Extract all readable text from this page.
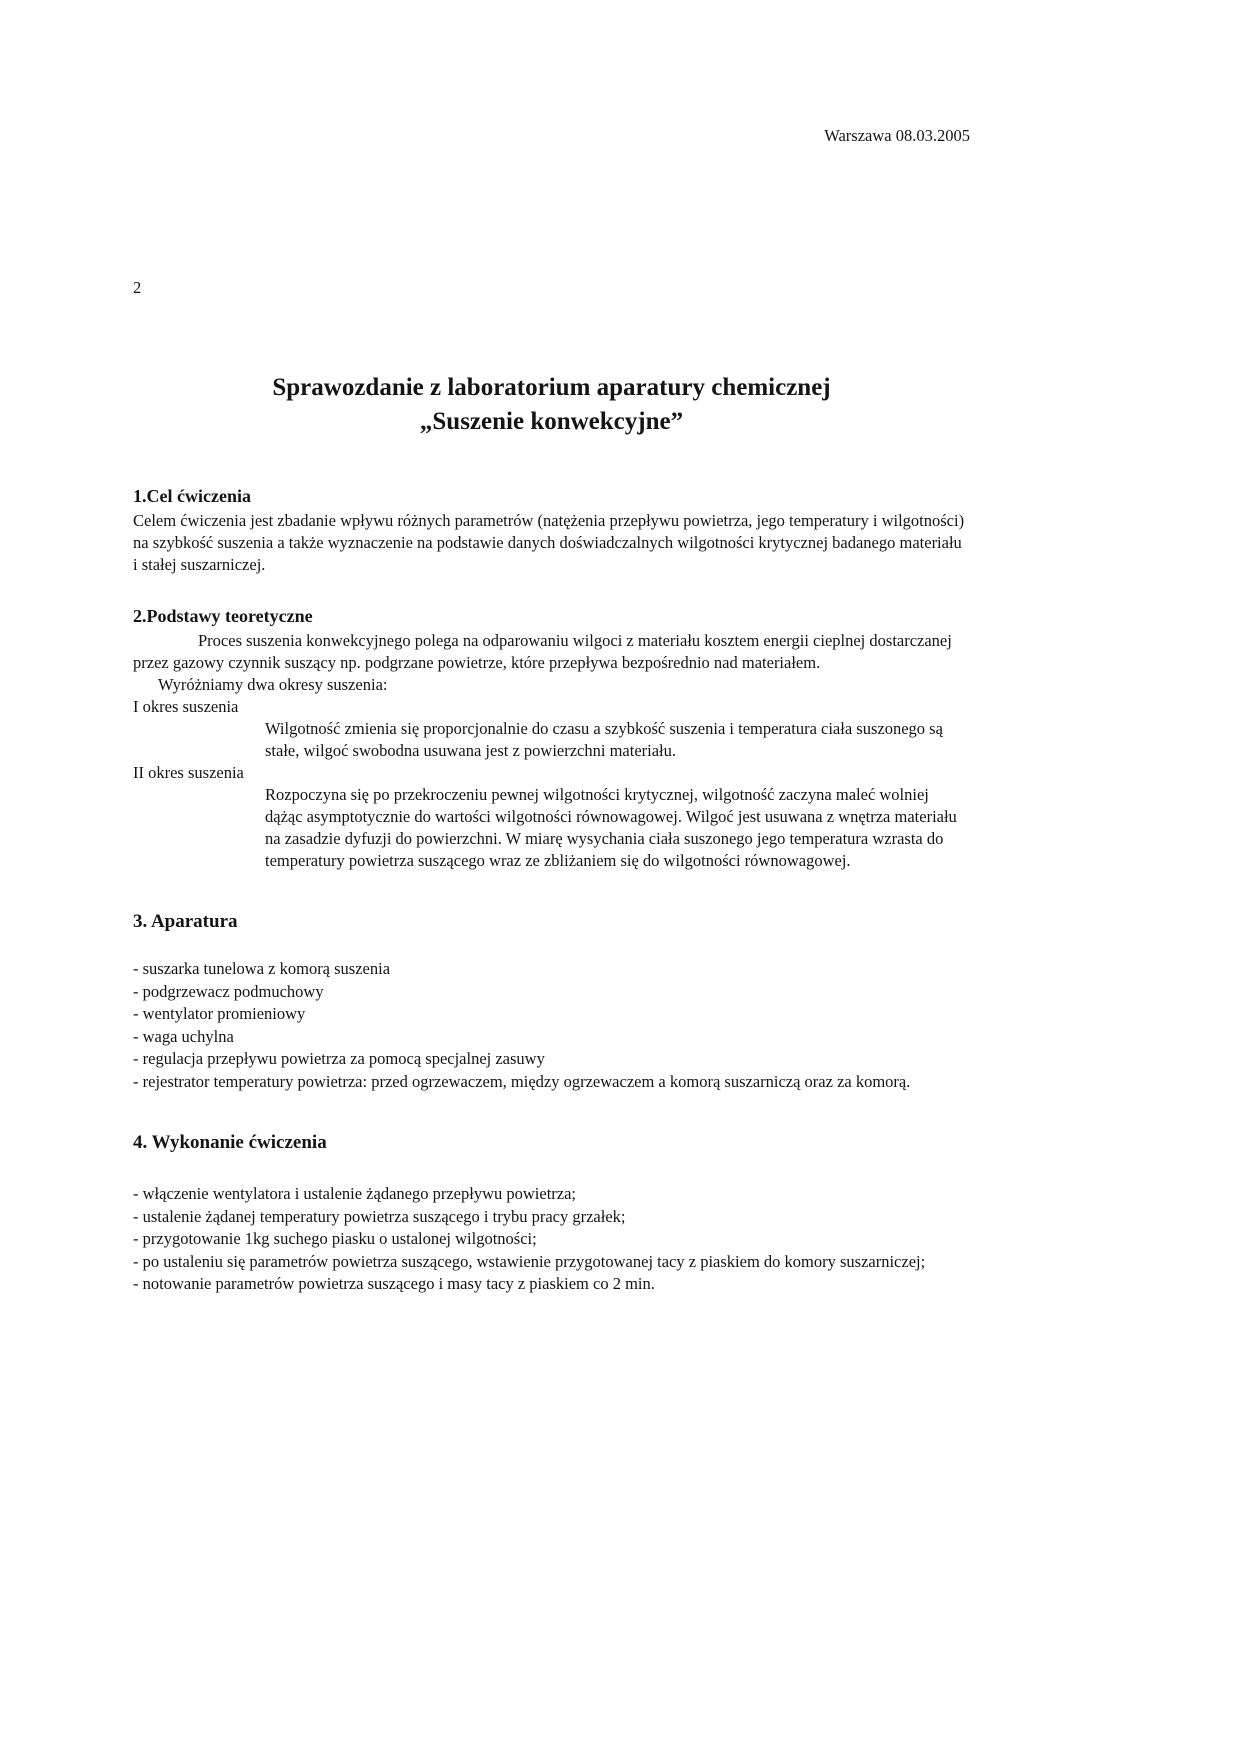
Warszawa 08.03.2005
2
Sprawozdanie z laboratorium aparatury chemicznej
„Suszenie konwekcyjne”
1.Cel ćwiczenia

Celem ćwiczenia jest zbadanie wpływu różnych parametrów (natężenia przepływu powietrza, jego temperatury i wilgotności) na szybkość suszenia a także wyznaczenie na podstawie danych doświadczalnych wilgotności krytycznej badanego materiału i stałej suszarniczej.

2.Podstawy teoretyczne

Proces suszenia konwekcyjnego polega na odparowaniu wilgoci z materiału kosztem energii cieplnej dostarczanej przez gazowy czynnik suszący np. podgrzane powietrze, które przepływa bezpośrednio nad materiałem.

Wyróżniamy dwa okresy suszenia:

I okres suszenia

Wilgotność zmienia się proporcjonalnie do czasu a szybkość suszenia i temperatura ciała suszonego są stałe, wilgoć swobodna usuwana jest z powierzchni materiału.

II okres suszenia

Rozpoczyna się po przekroczeniu pewnej wilgotności krytycznej, wilgotność zaczyna maleć wolniej dążąc asymptotycznie do wartości wilgotności równowagowej. Wilgoć jest usuwana z wnętrza materiału na zasadzie dyfuzji do powierzchni. W miarę wysychania ciała suszonego jego temperatura wzrasta do temperatury powietrza suszącego wraz ze zbliżaniem się do wilgotności równowagowej.

3. Aparatura
- suszarka tunelowa z komorą suszenia
- podgrzewacz podmuchowy
- wentylator promieniowy
- waga uchylna
- regulacja przepływu powietrza za pomocą specjalnej zasuwy
- rejestrator temperatury powietrza: przed ogrzewaczem, między ogrzewaczem a komorą suszarniczą oraz za komorą.
4. Wykonanie ćwiczenia
- włączenie wentylatora i ustalenie żądanego przepływu powietrza;
- ustalenie żądanej temperatury powietrza suszącego i trybu pracy grzałek;
- przygotowanie 1kg suchego piasku o ustalonej wilgotności;
- po ustaleniu się parametrów powietrza suszącego, wstawienie przygotowanej tacy z piaskiem do komory suszarniczej;
- notowanie parametrów powietrza suszącego i masy tacy z piaskiem co 2 min.
